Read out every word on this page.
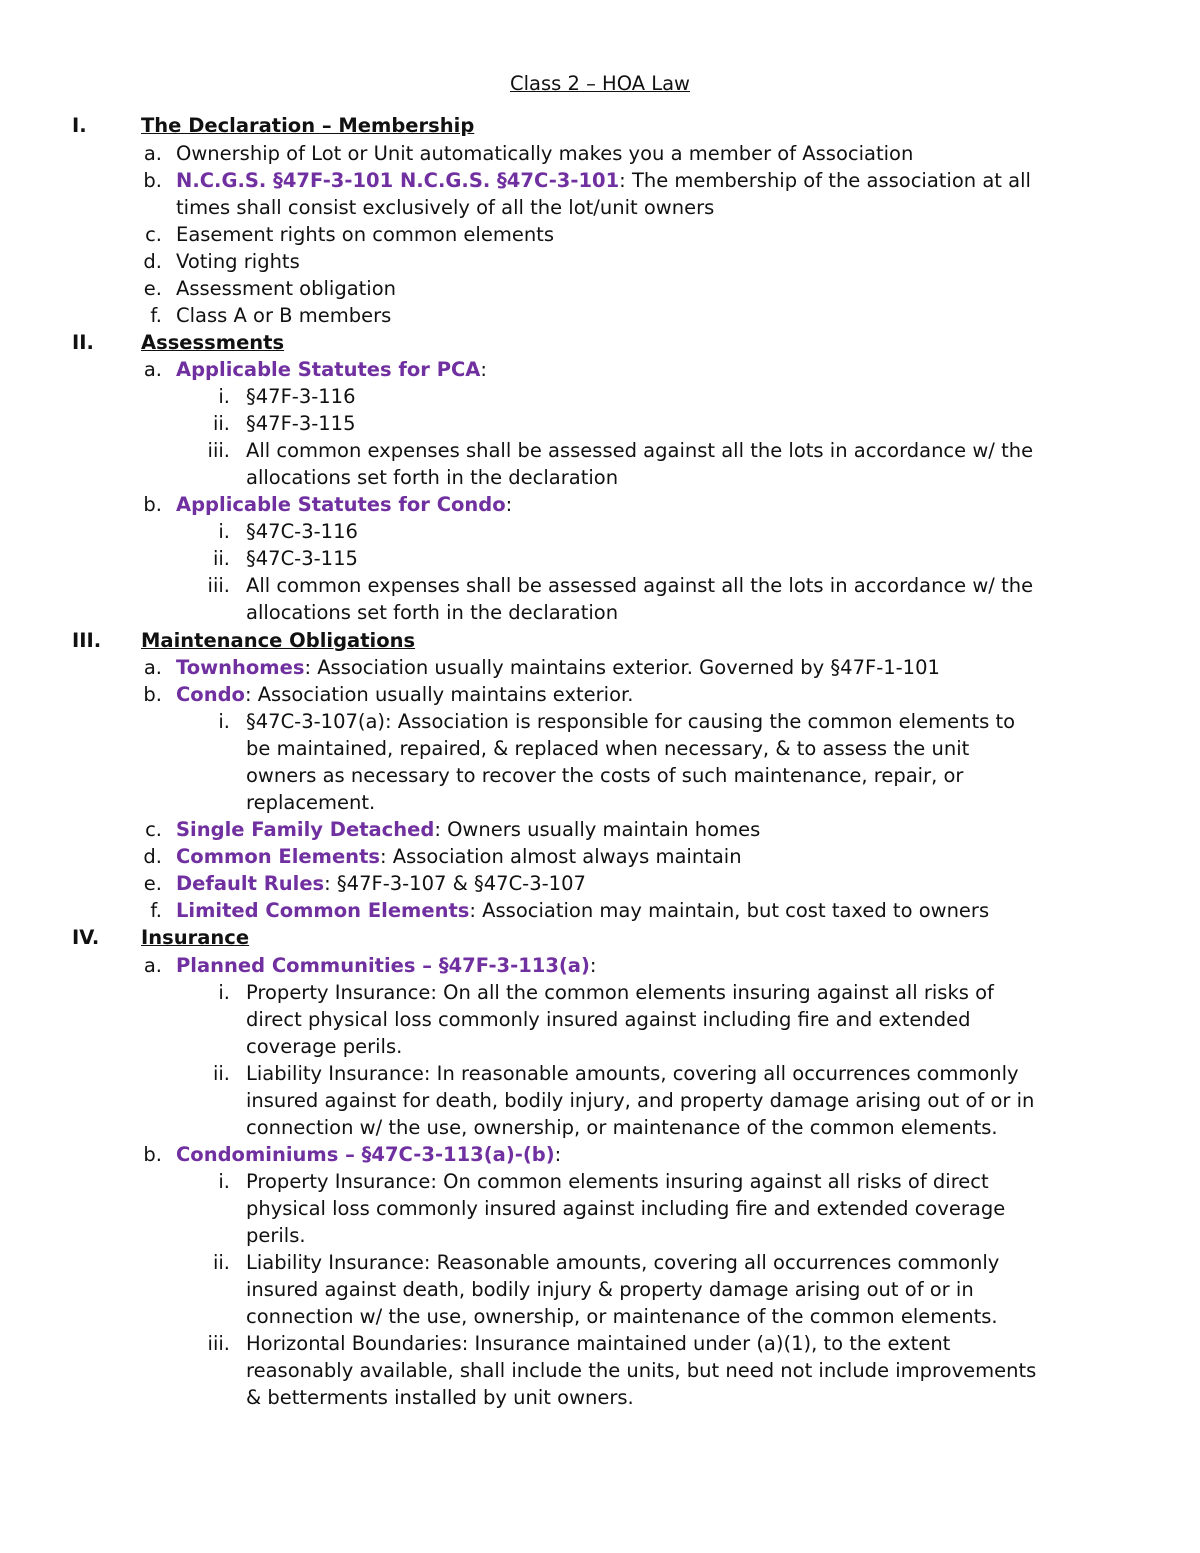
Class 2 – HOA Law
I.	The Declaration – Membership
a. Ownership of Lot or Unit automatically makes you a member of Association
b. N.C.G.S. §47F-3-101 N.C.G.S. §47C-3-101: The membership of the association at all
times shall consist exclusively of all the lot/unit owners
c. Easement rights on common elements
d. Voting rights
e. Assessment obligation
f. Class A or B members
II. Assessments
a. Applicable Statutes for PCA:
i. §47F-3-116
ii. §47F-3-115
iii. All common expenses shall be assessed against all the lots in accordance w/ the
allocations set forth in the declaration
b. Applicable Statutes for Condo:
i. §47C-3-116
ii. §47C-3-115
iii. All common expenses shall be assessed against all the lots in accordance w/ the
allocations set forth in the declaration
III. Maintenance Obligations
a. Townhomes: Association usually maintains exterior. Governed by §47F-1-101
b. Condo: Association usually maintains exterior.
i. §47C-3-107(a): Association is responsible for causing the common elements to
be maintained, repaired, & replaced when necessary, & to assess the unit
owners as necessary to recover the costs of such maintenance, repair, or
replacement.
c. Single Family Detached: Owners usually maintain homes
d. Common Elements: Association almost always maintain
e. Default Rules: §47F-3-107 & §47C-3-107
f. Limited Common Elements: Association may maintain, but cost taxed to owners
IV. Insurance
a. Planned Communities – §47F-3-113(a):
i. Property Insurance: On all the common elements insuring against all risks of
direct physical loss commonly insured against including fire and extended
coverage perils.
ii. Liability Insurance: In reasonable amounts, covering all occurrences commonly
insured against for death, bodily injury, and property damage arising out of or in
connection w/ the use, ownership, or maintenance of the common elements.
b. Condominiums – §47C-3-113(a)-(b):
i. Property Insurance: On common elements insuring against all risks of direct
physical loss commonly insured against including fire and extended coverage
perils.
ii. Liability Insurance: Reasonable amounts, covering all occurrences commonly
insured against death, bodily injury & property damage arising out of or in
connection w/ the use, ownership, or maintenance of the common elements.
iii. Horizontal Boundaries: Insurance maintained under (a)(1), to the extent
reasonably available, shall include the units, but need not include improvements
& betterments installed by unit owners.
